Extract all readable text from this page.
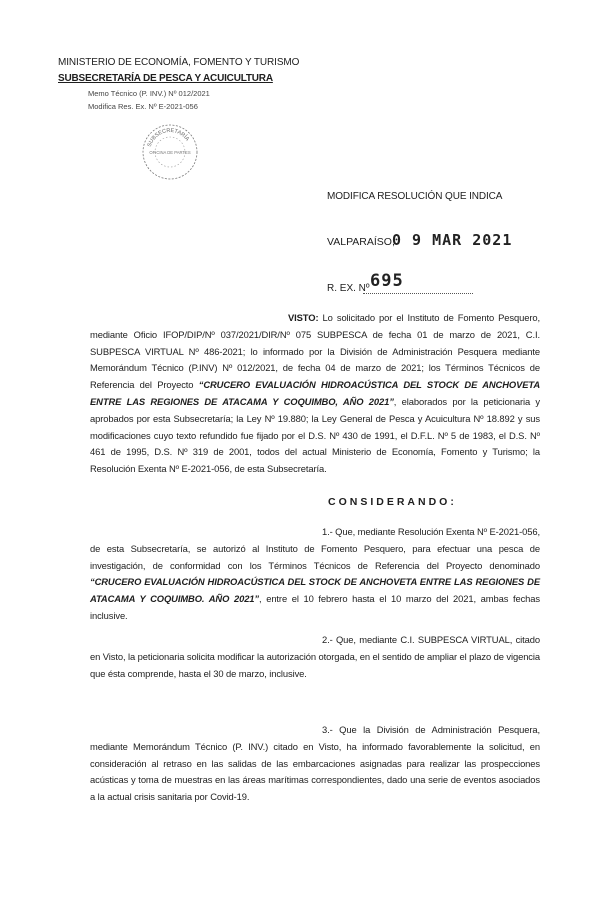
MINISTERIO DE ECONOMÍA, FOMENTO Y TURISMO
SUBSECRETARÍA DE PESCA Y ACUICULTURA
Memo Técnico (P. INV.) Nº 012/2021
Modifica Res. Ex. Nº E-2021-056
SUBSECRETARÍA
OFICINA DE PARTES
MODIFICA RESOLUCIÓN QUE INDICA
VALPARAÍSO,
0 9 MAR 2021
R. EX. Nº 695
VISTO: Lo solicitado por el Instituto de Fomento Pesquero, mediante Oficio IFOP/DIP/Nº 037/2021/DIR/Nº 075 SUBPESCA de fecha 01 de marzo de 2021, C.I. SUBPESCA VIRTUAL Nº 486-2021; lo informado por la División de Administración Pesquera mediante Memorándum Técnico (P.INV) Nº 012/2021, de fecha 04 de marzo de 2021; los Términos Técnicos de Referencia del Proyecto “CRUCERO EVALUACIÓN HIDROACÚSTICA DEL STOCK DE ANCHOVETA ENTRE LAS REGIONES DE ATACAMA Y COQUIMBO, AÑO 2021”, elaborados por la peticionaria y aprobados por esta Subsecretaría; la Ley Nº 19.880; la Ley General de Pesca y Acuicultura Nº 18.892 y sus modificaciones cuyo texto refundido fue fijado por el D.S. Nº 430 de 1991, el D.F.L. Nº 5 de 1983, el D.S. Nº 461 de 1995, D.S. Nº 319 de 2001, todos del actual Ministerio de Economía, Fomento y Turismo; la Resolución Exenta Nº E-2021-056, de esta Subsecretaría.
CONSIDERANDO:
1.- Que, mediante Resolución Exenta Nº E-2021-056, de esta Subsecretaría, se autorizó al Instituto de Fomento Pesquero, para efectuar una pesca de investigación, de conformidad con los Términos Técnicos de Referencia del Proyecto denominado “CRUCERO EVALUACIÓN HIDROACÚSTICA DEL STOCK DE ANCHOVETA ENTRE LAS REGIONES DE ATACAMA Y COQUIMBO. AÑO 2021”, entre el 10 febrero hasta el 10 marzo del 2021, ambas fechas inclusive.
2.- Que, mediante C.I. SUBPESCA VIRTUAL, citado en Visto, la peticionaria solicita modificar la autorización otorgada, en el sentido de ampliar el plazo de vigencia que ésta comprende, hasta el 30 de marzo, inclusive.
3.- Que la División de Administración Pesquera, mediante Memorándum Técnico (P. INV.) citado en Visto, ha informado favorablemente la solicitud, en consideración al retraso en las salidas de las embarcaciones asignadas para realizar las prospecciones acústicas y toma de muestras en las áreas marítimas correspondientes, dado una serie de eventos asociados a la actual crisis sanitaria por Covid-19.
